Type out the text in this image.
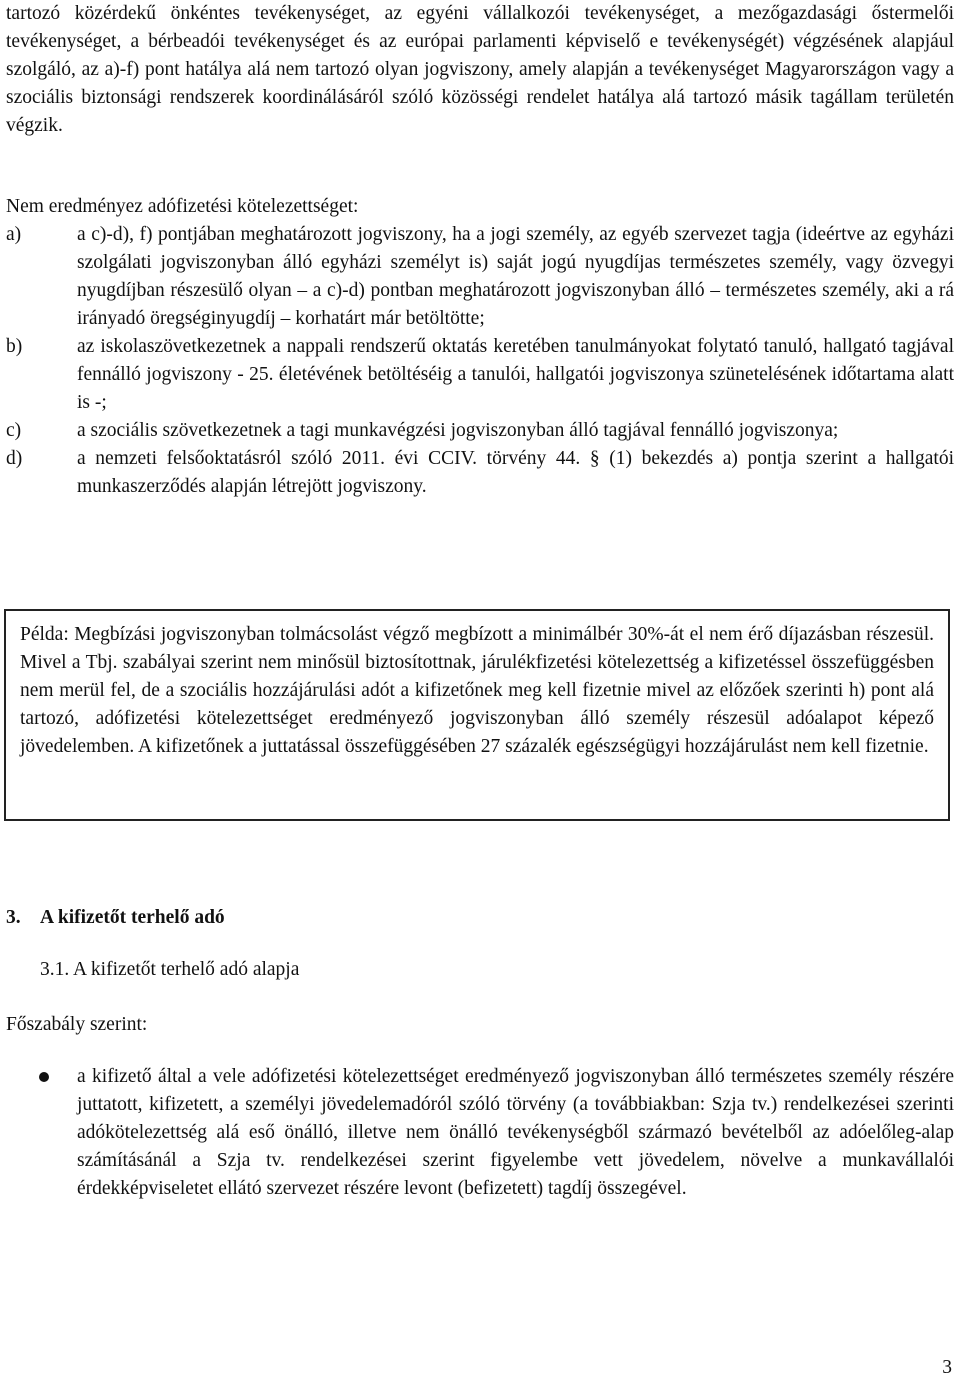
tartozó közérdekű önkéntes tevékenységet, az egyéni vállalkozói tevékenységet, a mezőgazdasági őstermelői tevékenységet, a bérbeadói tevékenységet és az európai parlamenti képviselő e tevékenységét) végzésének alapjául szolgáló, az a)-f) pont hatálya alá nem tartozó olyan jogviszony, amely alapján a tevékenységet Magyarországon vagy a szociális biztonsági rendszerek koordinálásáról szóló közösségi rendelet hatálya alá tartozó másik tagállam területén végzik.

Nem eredményez adófizetési kötelezettséget:

a)	a c)-d), f) pontjában meghatározott jogviszony, ha a jogi személy, az egyéb szervezet tagja (ideértve az egyházi szolgálati jogviszonyban álló egyházi személyt is) saját jogú nyugdíjas természetes személy, vagy özvegyi nyugdíjban részesülő olyan – a c)-d) pontban meghatározott jogviszonyban álló – természetes személy, aki a rá irányadó öregséginyugdíj – korhatárt már betöltötte;
b)	az iskolaszövetkezetnek a nappali rendszerű oktatás keretében tanulmányokat folytató tanuló, hallgató tagjával fennálló jogviszony - 25. életévének betöltéséig a tanulói, hallgatói jogviszonya szünetelésének időtartama alatt is -;
c)	a szociális szövetkezetnek a tagi munkavégzési jogviszonyban álló tagjával fennálló jogviszonya;
d)	a nemzeti felsőoktatásról szóló 2011. évi CCIV. törvény 44. § (1) bekezdés a) pontja szerint a hallgatói munkaszerződés alapján létrejött jogviszony.

Példa: Megbízási jogviszonyban tolmácsolást végző megbízott a minimálbér 30%-át el nem érő díjazásban részesül. Mivel a Tbj. szabályai szerint nem minősül biztosítottnak, járulékfizetési kötelezettség a kifizetéssel összefüggésben nem merül fel, de a szociális hozzájárulási adót a kifizetőnek meg kell fizetnie mivel az előzőek szerinti h) pont alá tartozó, adófizetési kötelezettséget eredményező jogviszonyban álló személy részesül adóalapot képező jövedelemben. A kifizetőnek a juttatással összefüggésében 27 százalék egészségügyi hozzájárulást nem kell fizetnie.

3. A kifizetőt terhelő adó

3.1. A kifizetőt terhelő adó alapja

Főszabály szerint:

a kifizető által a vele adófizetési kötelezettséget eredményező jogviszonyban álló természetes személy részére juttatott, kifizetett, a személyi jövedelemadóról szóló törvény (a továbbiakban: Szja tv.) rendelkezései szerinti adókötelezettség alá eső önálló, illetve nem önálló tevékenységből származó bevételből az adóelőleg-alap számításánál a Szja tv. rendelkezései szerint figyelembe vett jövedelem, növelve a munkavállalói érdekképviseletet ellátó szervezet részére levont (befizetett) tagdíj összegével.

3
